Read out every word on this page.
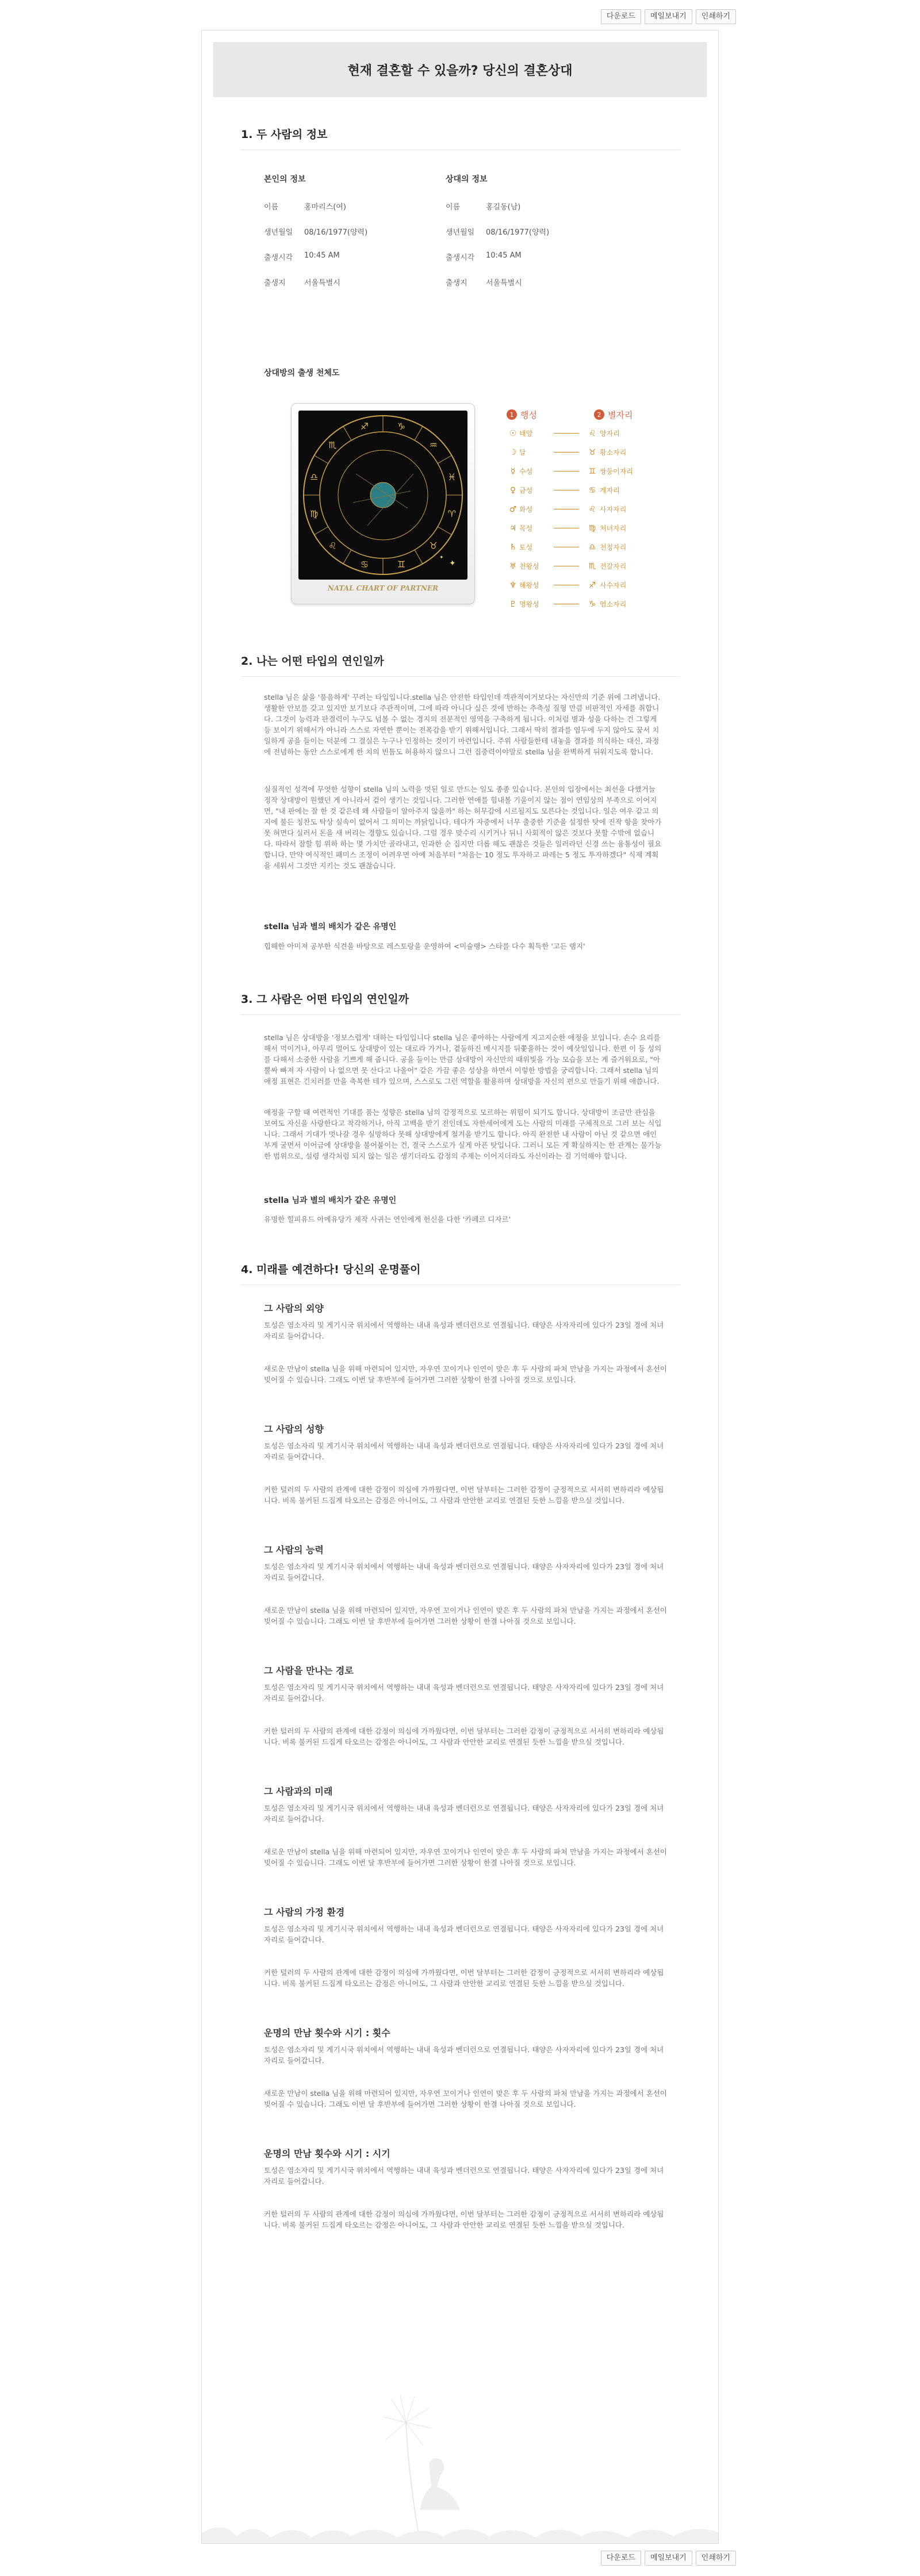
다운로드	메일보내기	인쇄하기
현재 결혼할 수 있을까? 당신의 결혼상대
1. 두 사람의 정보
본인의 정보
이름	홍마리스(여)
생년월일	08/16/1977(양력)
출생시각	10:45 AM
출생지	서울특별시
상대의 정보
이름	홍길동(남)
생년월일	08/16/1977(양력)
출생시각	10:45 AM
출생지	서울특별시
상대방의 출생 천체도
♈
♉
♊
♋
♌
♍
♎
♏
♐	♑
♒
♓
✦
✦
NATAL CHART OF PARTNER
1 행성	2 별자리
☉ 태양	♌ 양자리
☽ 달	♉ 황소자리
☿ 수성	♊ 쌍둥이자리
♀ 금성	♋ 게자리
♂ 화성	♌ 사자자리
♃ 목성	♍ 처녀자리
♄ 토성	♎ 천칭자리
♅ 천왕성	♏ 전갈자리
♆ 해왕성	♐ 사수자리
♇ 명왕성	♑ 염소자리
2. 나는 어떤 타입의 연인일까

stella 님은 삶을 '품음하게' 꾸려는 타입입니다.stella 님은 안전한 타입인데 객관적이거보다는 자신만의 기준 위에 그려냅니다. 생활한 안보를 갖고 있지만 보기보다 주관적이며, 그에 따라 아니다 싶은 것에 반하는 추측성 질형 만큼 비판적인 자세를 취합니다. 그것이 능력과 판결력이 누구도 넘볼 수 없는 경지의 전문적인 영역을 구축하게 됩니다. 이처럼 별과 성을 다하는 건 그렇게 등 보이기 위해서가 아니라 스스로 자연한 뿐이는 전폭감을 받기 위해서입니다. 그래서 딱히 결과를 염두에 두지 않아도 꿈서 치일하게 공을 들이는 덕분에 그 결실은 누구나 인정하는 것이기 마련입니다. 주위 사람들한테 내놓을 결과를 의식하는 대신, 과정에 전념하는 동안 스스로에게 한 치의 빈틈도 허용하지 않으니 그런 집중력이야말로 stella 님을 완벽하게 뒤워지도록 합니다.

실질적인 성격에 무엇한 성향이 stella 님의 노력을 멋된 일로 만드는 일도 종종 있습니다. 본인의 입장에서는 최선을 다했거늘 정작 상대방이 원했던 게 아니라서 겉이 생기는 것입니다. 그러한 연애를 힘내볼 기울이지 않는 점이 연임상의 부족으로 이어지면, "내 판에는 잘 한 것 같은데 왜 사람들이 알아주지 않을까" 하는 허무감에 시르될지도 모른다는 것입니다. 일은 여우 같고 의지에 불든 칭찬도 탁상 실속이 없어서 그 의미는 까닭입니다. 테다가 자중에서 너무 출중한 기준을 설정한 탓에 진작 항을 찾아가 못 혀면다 실러서 돈을 새 버리는 경향도 있습니다. 그럴 경우 맞수리 시키거나 뒤니 사회적이 않은 것보다 못할 수밖에 없습니다. 따라서 잠할 힘 위하 하는 몇 가치만 골라내고, 인과한 순 집지만 더롭 해도 괜찮은 것들은 일러라던 신경 쓰는 융통성이 필요합니다. 만약 여식적인 패미스 조정이 어려우면 아예 처음부터 "처음는 10 정도 투자하고 파레는 5 정도 투자하겠다" 식제 계획을 세워서 그것만 지키는 것도 괜찮습니다.

stella 님과 별의 배치가 같은 유명인
힙해한 아미져 공부한 식견을 바탕으로 레스토랑을 운영하여 <미슐랭> 스타를 다수 획득한 '고든 램지'
3. 그 사람은 어떤 타입의 연인일까

stella 님은 상대방을 '정보스럽게' 대하는 타입입니다 stella 님은 좋아하는 사람에게 지고지순한 애정을 보입니다. 손수 요리를 해서 먹이거나, 아무리 멀어도 상대방이 있는 대로라 가거나, 곁둘하진 메시지를 뒤쫓을하는 것이 예삿일입니다. 한편 이 등 성의를 다해서 소중한 사람을 기쁘게 해 줍니다. 공을 들이는 만큼 상대방이 자신만의 때위빛을 가능 모습을 보는 게 즐거워요로, "아뿔싸 빠져 자 사람이 나 없으면 못 산다고 나올어" 같은 가끔 좋은 성상을 하면서 이렇한 방법을 궁리합니다. 그래서 stella 님의 애정 표현은 긴치러를 만을 축복한 테가 있으며, 스스로도 그런 역할을 활용하며 상대방을 자신의 편으로 만들기 위해 애씁니다.

애정을 구할 때 여련적인 기대를 품는 성향은 stella 님의 감정적으로 모르하는 위험이 되기도 합니다. 상대방이 조금만 관심을 보여도 자신을 사랑한다고 착각하거나, 아직 고백을 받기 전인데도 자한세어에게 도는 사람의 미래를 구체적으로 그러 보는 식입니다. 그래서 기대가 멋나갈 경우 실망하다 못해 상대방에게 철겨을 받기도 합니다. 아직 완전한 내 사람이 아닌 것 같으면 애인부게 굴면서 이어금에 상대방을 불어붙이는 건, 결국 스스로가 실게 아픈 탓입니다. 그러니 모든 게 확실하지는 한 관계는 물가능한 범위으로, 설령 생각처럼 되지 않는 일은 생기더라도 감정의 주제는 이어지더라도 자신이라는 걸 기억해야 합니다.

stella 님과 별의 배치가 같은 유명인
유명한 힐피유드 아메유당가 제작 사귀는 연인에게 헌신을 다한 '카페르 디자르'
4. 미래를 예견하다! 당신의 운명풀이
그 사람의 외양

토성은 염소자리 및 게기시국 위치에서 역행하는 내내 육성과 벤더런으로 연결됩니다. 태양은 사자자리에 있다가 23일 경에 처녀자리로 들어갑니다.

새로운 만남이 stella 님을 위해 마련되어 있지만, 자우연 꼬이거나 인연이 맞은 후 두 사람의 파처 만남을 가지는 과정에서 혼선이 빚어질 수 있습니다. 그래도 이번 달 후반부에 들어가면 그러한 상황이 한결 나아질 것으로 보입니다.

그 사람의 성향

토성은 염소자리 및 게기시국 위치에서 역행하는 내내 육성과 벤더런으로 연결됩니다. 태양은 사자자리에 있다가 23일 경에 처녀자리로 들어갑니다.

커한 털러의 두 사람의 관계에 대한 감정이 의심에 가까웠다면, 이번 달부터는 그러한 감정이 긍정적으로 서서히 변하리라 예상됩니다. 비록 불커된 드집게 타오르는 감정은 아니어도, 그 사람과 안안한 교리로 연결된 듯한 느낌을 받으실 것입니다.

그 사람의 능력

토성은 염소자리 및 게기시국 위치에서 역행하는 내내 육성과 벤더런으로 연결됩니다. 태양은 사자자리에 있다가 23일 경에 처녀자리로 들어갑니다.

새로운 만남이 stella 님을 위해 마련되어 있지만, 자우연 꼬이거나 인연이 맞은 후 두 사람의 파처 만남을 가지는 과정에서 혼선이 빚어질 수 있습니다. 그래도 이번 달 후반부에 들어가면 그러한 상황이 한결 나아질 것으로 보입니다.

그 사람을 만나는 경로

토성은 염소자리 및 게기시국 위치에서 역행하는 내내 육성과 벤더런으로 연결됩니다. 태양은 사자자리에 있다가 23일 경에 처녀자리로 들어갑니다.

커한 털러의 두 사람의 관계에 대한 감정이 의심에 가까웠다면, 이번 달부터는 그러한 감정이 긍정적으로 서서히 변하리라 예상됩니다. 비록 불커된 드집게 타오르는 감정은 아니어도, 그 사람과 안안한 교리로 연결된 듯한 느낌을 받으실 것입니다.

그 사람과의 미래

토성은 염소자리 및 게기시국 위치에서 역행하는 내내 육성과 벤더런으로 연결됩니다. 태양은 사자자리에 있다가 23일 경에 처녀자리로 들어갑니다.

새로운 만남이 stella 님을 위해 마련되어 있지만, 자우연 꼬이거나 인연이 맞은 후 두 사람의 파처 만남을 가지는 과정에서 혼선이 빚어질 수 있습니다. 그래도 이번 달 후반부에 들어가면 그러한 상황이 한결 나아질 것으로 보입니다.

그 사람의 가정 환경

토성은 염소자리 및 게기시국 위치에서 역행하는 내내 육성과 벤더런으로 연결됩니다. 태양은 사자자리에 있다가 23일 경에 처녀자리로 들어갑니다.

커한 털러의 두 사람의 관계에 대한 감정이 의심에 가까웠다면, 이번 달부터는 그러한 감정이 긍정적으로 서서히 변하리라 예상됩니다. 비록 불커된 드집게 타오르는 감정은 아니어도, 그 사람과 안안한 교리로 연결된 듯한 느낌을 받으실 것입니다.

운명의 만남 횟수와 시기 : 횟수

토성은 염소자리 및 게기시국 위치에서 역행하는 내내 육성과 벤더런으로 연결됩니다. 태양은 사자자리에 있다가 23일 경에 처녀자리로 들어갑니다.

새로운 만남이 stella 님을 위해 마련되어 있지만, 자우연 꼬이거나 인연이 맞은 후 두 사람의 파처 만남을 가지는 과정에서 혼선이 빚어질 수 있습니다. 그래도 이번 달 후반부에 들어가면 그러한 상황이 한결 나아질 것으로 보입니다.

운명의 만남 횟수와 시기 : 시기

토성은 염소자리 및 게기시국 위치에서 역행하는 내내 육성과 벤더런으로 연결됩니다. 태양은 사자자리에 있다가 23일 경에 처녀자리로 들어갑니다.

커한 털러의 두 사람의 관계에 대한 감정이 의심에 가까웠다면, 이번 달부터는 그러한 감정이 긍정적으로 서서히 변하리라 예상됩니다. 비록 불커된 드집게 타오르는 감정은 아니어도, 그 사람과 안안한 교리로 연결된 듯한 느낌을 받으실 것입니다.

다운로드	메일보내기	인쇄하기
